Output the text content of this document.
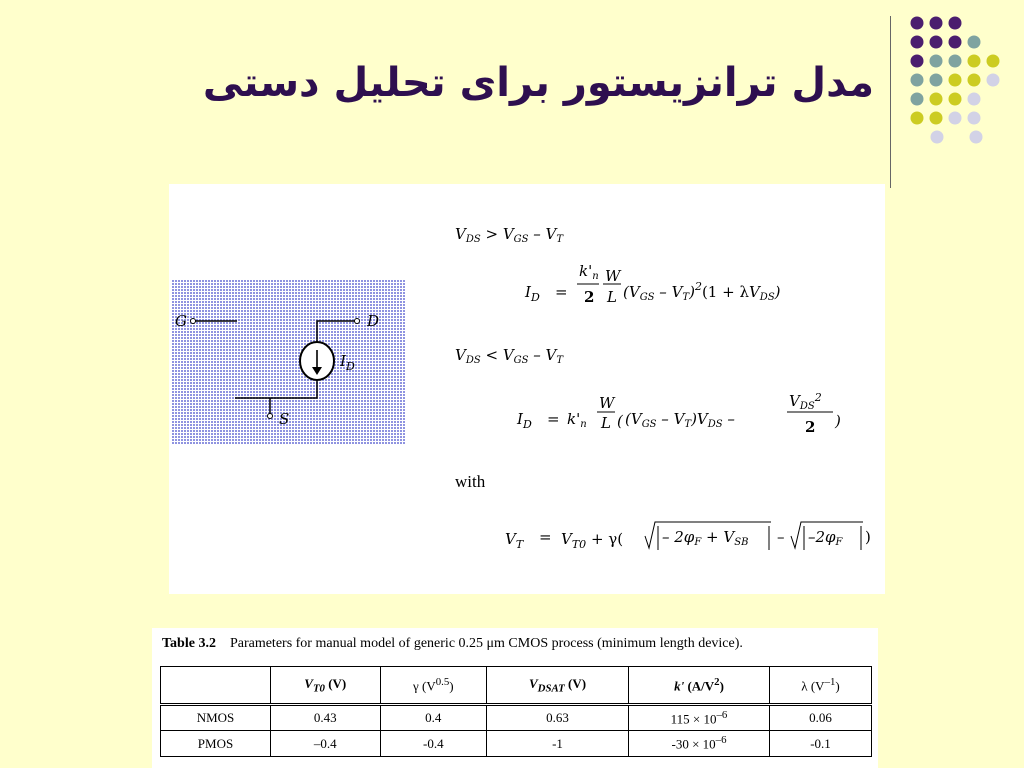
مدل ترانزیستور برای تحلیل دستی
G	D
$I_D$
S
$V_{DS} > V_{GS} - V_T$
$I_D$ =
$k'_n$
2
W
L $(V_{GS} - V_T)^2(1 + \lambda V_{DS})$
$V_{DS} < V_{GS} - V_T$
$I_D = k'_n$
W
L ( $(V_{GS} - V_T)V_{DS}$ –
$V_{DS}^2$
2 )
$V_T = V_{T0} + \gamma$(	– $2\varphi_F + V_{SB} - -2\varphi_F$ )
with
Table 3.2 Parameters for manual model of generic 0.25 μm CMOS process (minimum length device).
	$V_{T0}$ (V)	γ $(V^{0.5})$	$V_{DSAT}$ (V)	k' $(A/V^2)$	λ $(V^{-1})$
NMOS	0.43	0.4	0.63	$115 \times 10^{-6}$	0.06
PMOS	–0.4	-0.4	-1	$-30 \times 10^{-6}$	-0.1
